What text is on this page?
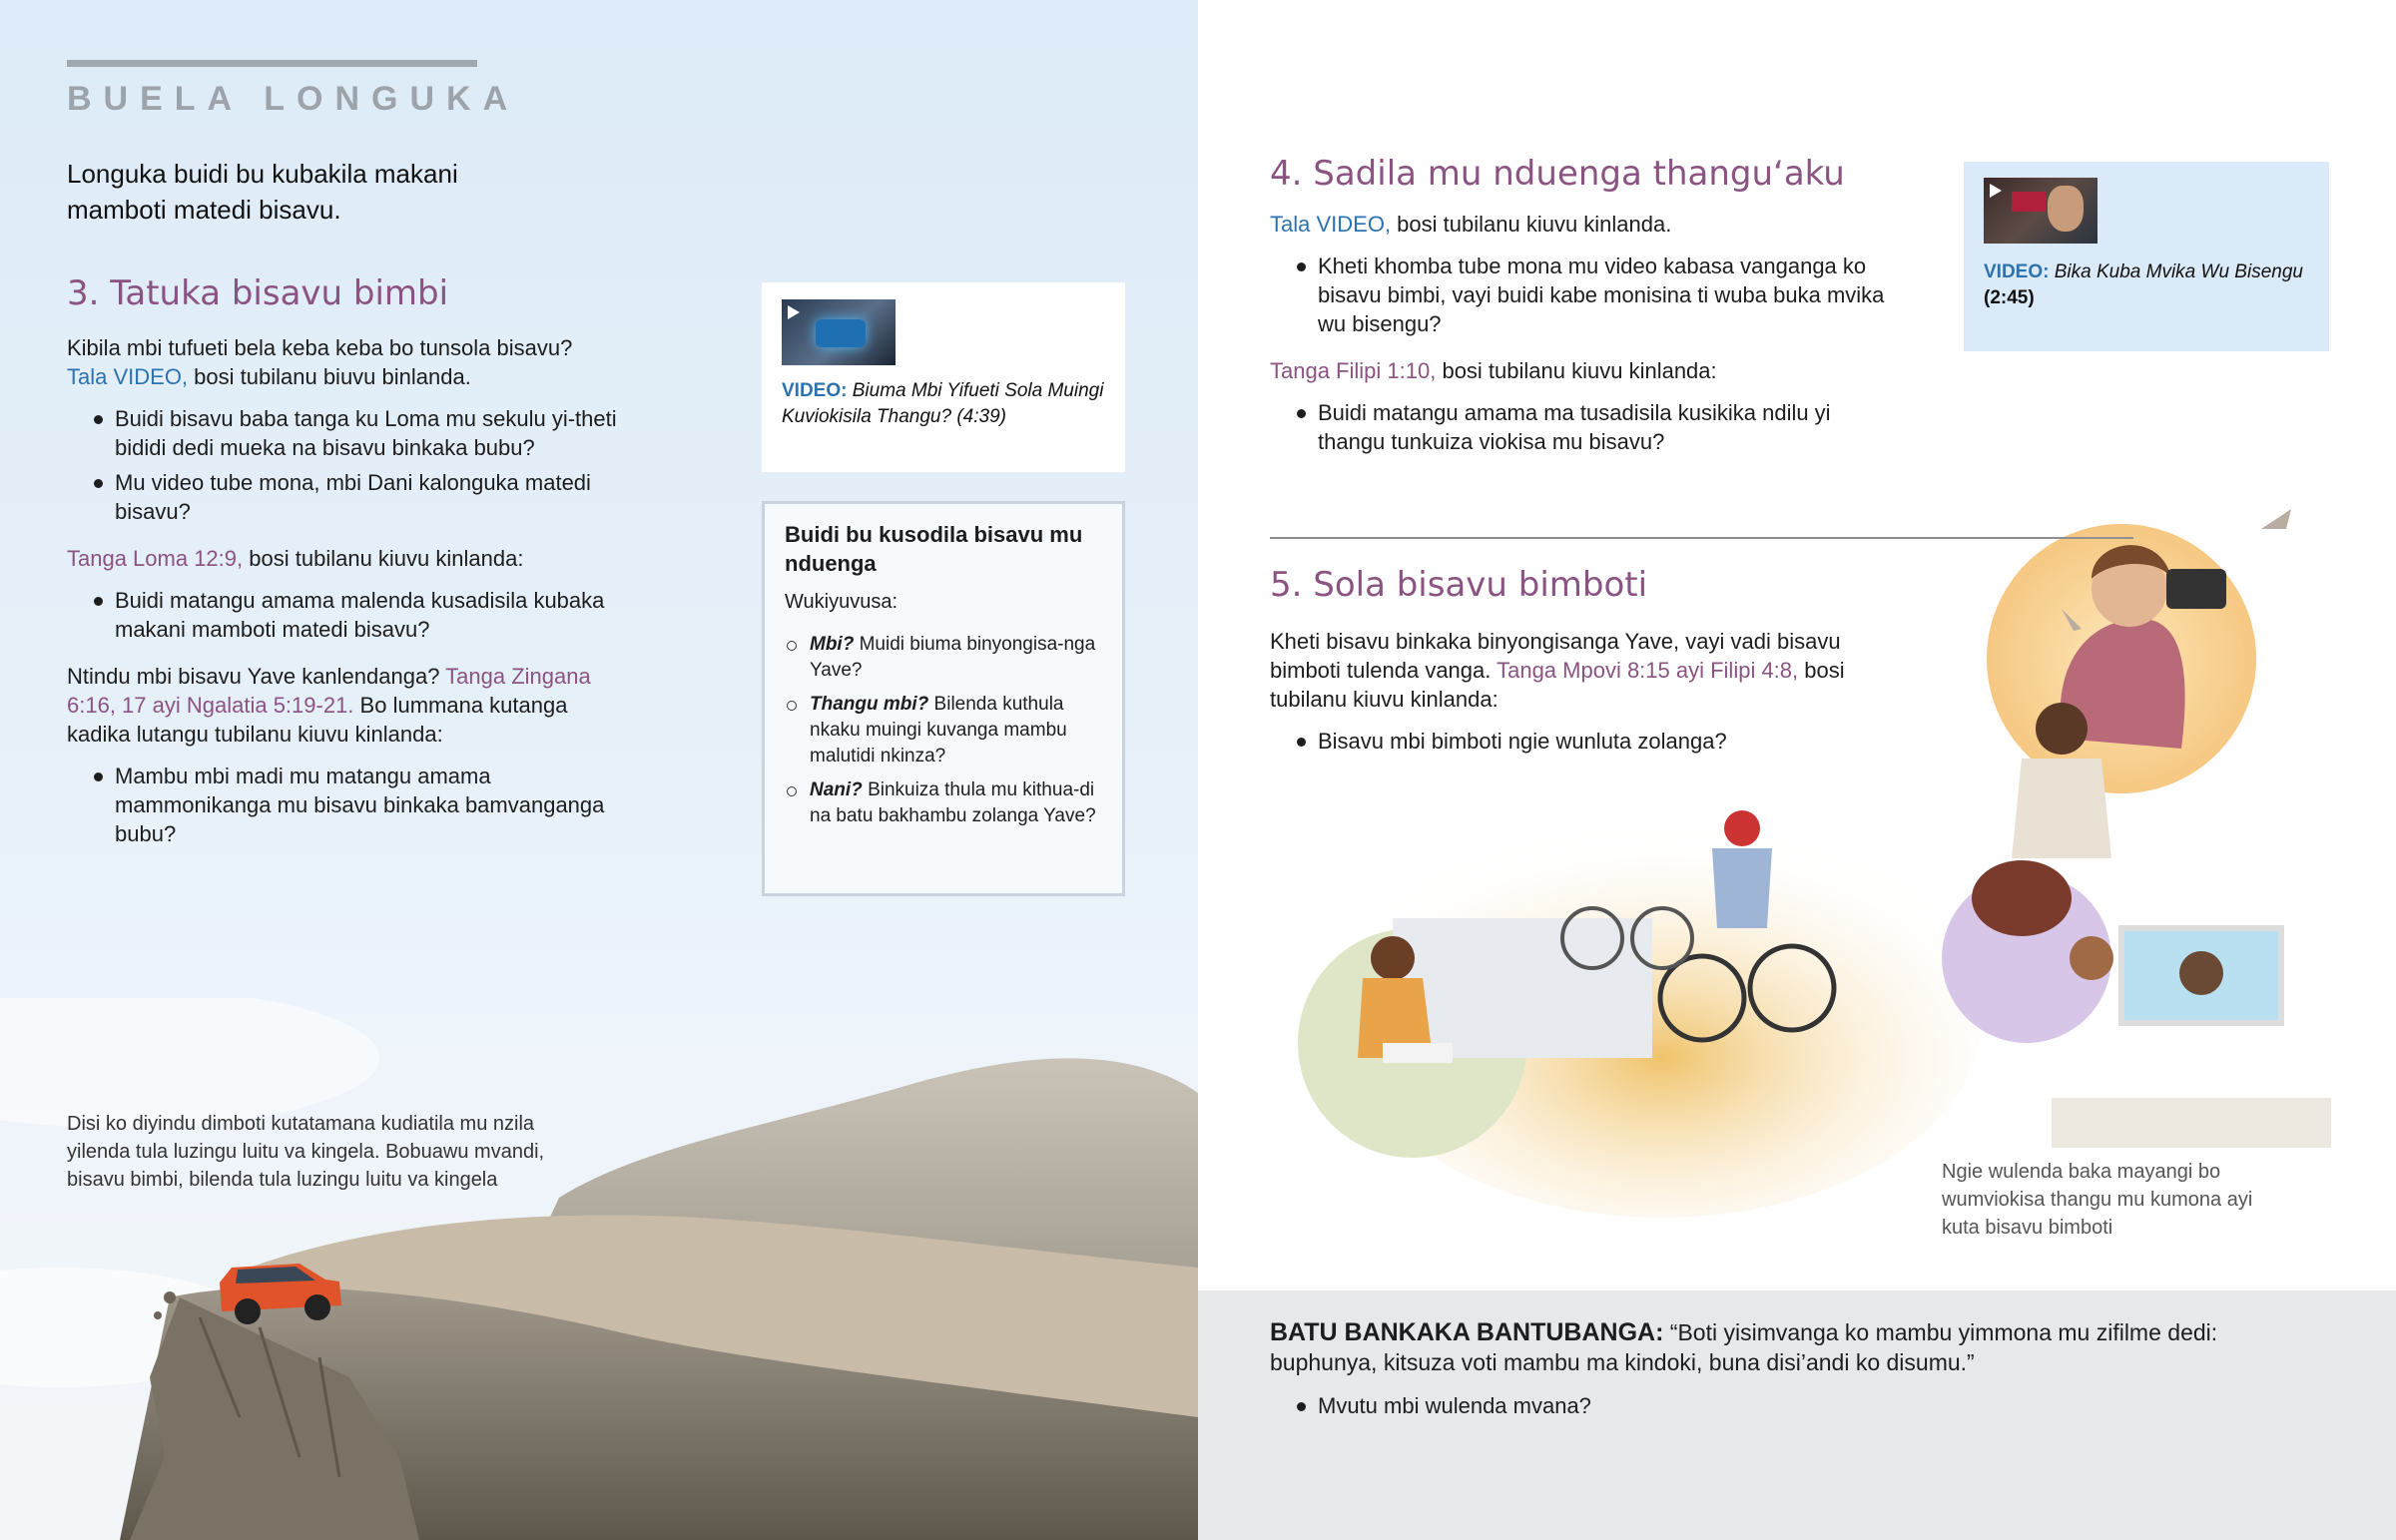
BUELA LONGUKA
Longuka buidi bu kubakila makani mamboti matedi bisavu.
3. Tatuka bisavu bimbi

Kibila mbi tufueti bela keba keba bo tunsola bisavu?
Tala VIDEO, bosi tubilanu biuvu binlanda.

Buidi bisavu baba tanga ku Loma mu sekulu yi-theti bididi dedi mueka na bisavu binkaka bubu?
Mu video tube mona, mbi Dani kalonguka matedi bisavu?

Tanga Loma 12:9, bosi tubilanu kiuvu kinlanda:

Buidi matangu amama malenda kusadisila kubaka makani mamboti matedi bisavu?

Ntindu mbi bisavu Yave kanlendanga? Tanga Zingana 6:16, 17 ayi Ngalatia 5:19-21. Bo lummana kutanga kadika lutangu tubilanu kiuvu kinlanda:

Mambu mbi madi mu matangu amama mammonikanga mu bisavu binkaka bamvanganga bubu?
VIDEO: Biuma Mbi Yifueti Sola Muingi Kuviokisila Thangu? (4:39)
Buidi bu kusodila bisavu mu nduenga
Wukiyuvusa:
Mbi? Muidi biuma binyongisa-nga Yave?
Thangu mbi? Bilenda kuthula nkaku muingi kuvanga mambu malutidi nkinza?
Nani? Binkuiza thula mu kithua-di na batu bakhambu zolanga Yave?
Disi ko diyindu dimboti kutatamana kudiatila mu nzila yilenda tula luzingu luitu va kingela. Bobuawu mvandi, bisavu bimbi, bilenda tula luzingu luitu va kingela
4. Sadila mu nduenga thangu‘aku

Tala VIDEO, bosi tubilanu kiuvu kinlanda.

Kheti khomba tube mona mu video kabasa vanganga ko bisavu bimbi, vayi buidi kabe monisina ti wuba buka mvika wu bisengu?

Tanga Filipi 1:10, bosi tubilanu kiuvu kinlanda:

Buidi matangu amama ma tusadisila kusikika ndilu yi thangu tunkuiza viokisa mu bisavu?
VIDEO: Bika Kuba Mvika Wu Bisengu
(2:45)
5. Sola bisavu bimboti

Kheti bisavu binkaka binyongisanga Yave, vayi vadi bisavu bimboti tulenda vanga. Tanga Mpovi 8:15 ayi Filipi 4:8, bosi tubilanu kiuvu kinlanda:

Bisavu mbi bimboti ngie wunluta zolanga?
Ngie wulenda baka mayangi bo wumviokisa thangu mu kumona ayi kuta bisavu bimboti

BATU BANKAKA BANTUBANGA: “Boti yisimvanga ko mambu yimmona mu zifilme dedi: buphunya, kitsuza voti mambu ma kindoki, buna disi’andi ko disumu.”

Mvutu mbi wulenda mvana?
